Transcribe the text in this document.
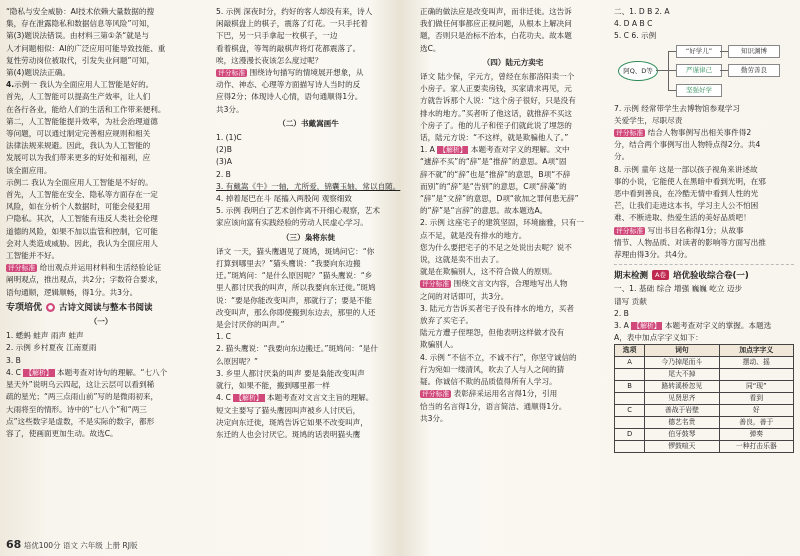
“隐私与安全威胁：AI技术依赖大量数据的搜
集，存在泄露隐私和数据信息等风险”可知，
第(3)题说法错误。由材料三第①条“就是与
人才问题相似：AI的广泛应用可能导致技能、重
复性劳动岗位被取代，引发失业问题”可知，
第(4)题说法正确。

4.示例一 我认为全面应用人工智能是好的。
首先，人工智能可以提高生产效率，让人们
在各行各业，能给人们的生活和工作带来便利。
第二，人工智能能提升效率，为社会治理道德
等问题，可以通过制定完善相应规则和相关
法律法规来规避。因此，我认为人工智能的
发展可以为我们带来更多的好处和福利，应
该全面应用。
示例二 我认为全面应用人工智能是不好的。
首先，人工智能在安全、隐私等方面存在一定
风险，如在分析个人数据时，可能会侵犯用
户隐私。其次，人工智能有违反人类社会伦理
道德的风险，如果不加以监管和控制，它可能
会对人类造成威胁。因此，我认为全面应用人
工智能并不好。

评分标准 给出观点并运用材料和生活经验论证
阐明观点，推出观点，共2分；字数符合要求，
语句通顺，逻辑顺畅，得1分。共3分。

专项培优 ● 古诗文阅读与整本书阅读
（一）

1. 蟋蚂 蛙声 雨声 蛙声

2. 示例 乡村夏夜 江南夏雨

3. B

4. C 【解析】 本题考查对诗句的理解。“七八个
星天外”说明乌云四起，这让云层可以看到稀
疏的星光；“两三点雨山前”写的是微雨初来，
大雨将至的情形。诗中的“七八个”和“两三
点”这些数字是虚数，不是实际的数字，都形
容了，使画面更加生动。故选C。

5. 示例 深夜时分，约好的客人却没有来，诗人
闲敲棋盘上的棋子，震落了灯花。一只手托着
下巴，另一只手拿起一枚棋子，一边
看着棋盘，等驾的敲棋声将灯花都震落了。
唉，这漫漫长夜该怎么度过呢？

评分标准 围绕诗句描写的情境展开想象，从
动作、神态、心理等方面描写诗人当时的反
应得2分；体现诗人心情，语句通顺得1分。
共3分。

（二）书戴嵩画牛
1. (1)C
(2)B
(3)A
2. B

3. 有戴嵩《牛》一轴，尤所爱，锦囊玉轴，常以自随。

4. 掉着尾巴在斗 尾搐入两股间 观察细致

5. 示例 我明白了艺术创作离不开细心观察，艺术
家应该向富有实践经验的劳动人民虚心学习。
（三）枭将东徙
译文 一天，猫头鹰遇见了斑鸠，斑鸠问它：“你
打算到哪里去？”猫头鹰说：“我要向东边搬
迁。”斑鸠问：“是什么原因呢？”猫头鹰说：“乡
里人都讨厌我的叫声，所以我要向东迁徙。”斑鸠
说：“要是你能改变叫声，那就行了；要是不能
改变叫声，那么你即使搬到东边去，那里的人还
是会讨厌你的叫声。”

1. C

2. 猫头鹰说：“我要向东边搬迁。”斑鸠问：“是什
么原因呢？”
3. 乡里人都讨厌枭的叫声 要是枭能改变叫声
就行，如果不能，搬到哪里都一样

4. C 【解析】 本题考查对文言文主旨的理解。
短文主要写了猫头鹰因叫声被乡人讨厌后，
决定向东迁徙，斑鸠告诉它如果不改变叫声，
东迁的人也会讨厌它。斑鸠的话表明猫头鹰

正确的做法应是改变叫声，而非迁徙。这告诉
我们做任何事都应正视问题，从根本上解决问
题，否则只是治标不治本，白花功夫。故本题
选C。
（四）陆元方卖宅
译文 陆少保，字元方，曾经在东都洛阳卖一个
小房子。家人正要卖房钱，买家请求再见，元
方就告诉那个人说：“这个房子很好，只是没有
排水的地方。”买者听了他这话，就推辞不买这
个房子了。他的儿子和侄子们就此说了埋怨的
话，陆元方说：“不这样，就是欺骗他人了。”

1. A 【解析】 本题考查对字义的理解。文中
“遽辞不买”的“辞”是“推辞”的意思。A项“固
辞不就”的“辞”也是“推辞”的意思，B项“不辞
而别”的“辞”是“告别”的意思，C项“辞藻”的
“辞”是“文辞”的意思，D项“欲加之罪何患无辞”
的“辞”是“言辞”的意思。故本题选A。

2. 示例 这座宅子的建筑坚固，环境幽雅，只有一
点不足，就是没有排水的地方。
您为什么要把宅子的不足之处说出去呢？说不
说，这就是卖不出去了。
就是在欺骗别人，这不符合做人的原则。

评分标准 围绕文言文内容，合理地写出人物
之间的对话即可，共3分。

3. 陆元方告诉买者宅子没有排水的地方，买者
放弃了买宅子。
陆元方遭子侄埋怨，但他表明这样做才没有
欺骗别人。
4. 示例 “不信不立，不诚不行”，你坚守诚信的
行为宛如一缕清风，吹去了人与人之间的猜
疑。你诚信不欺的品质值得所有人学习。

评分标准 表彰辞采运用名言得1分，引用
恰当的名言得1分，语言简洁、通顺得1分。
共3分。

二、1. D B 2. A

4. D A B C

5. C 6. 示例

阿Q、D等
“好学儿”	知识渊博
严谨律己	勤劳善良
坚强好学
7. 示例 经常带学生去博物馆参观学习
关爱学生，尽职尽责

评分标准 结合人物事例写出相关事件得2
分，结合两个事例写出人物特点得2分。共4
分。

8. 示例 童年 这是一部以孩子视角来讲述故
事的小说，它能使人在黑暗中看到光明，在邪
恶中看到善良，在冷酷无情中看到人性的光
芒，让我们走进这本书，学习主人公不怕困
难、不断进取、热爱生活的美好品质吧！

评分标准 写出书目名称得1分；从故事
情节、人物品质、对读者的影响等方面写出推
荐理由得3分。共4分。

期末检测	A卷 培优验收综合卷(一)
一、1. 基础 综合 增强 巍巍 屹立 迈步
谱写 贡献

2. B

3. A 【解析】 本题考查对字义的掌握。本题选
A，表中加点字字义如下：

选项	词句	加点字字义
A	今乃掉尾而斗	摆动、摇
	尾大不掉	
B	路转溪桥忽见	同“现”
	见贤思齐	看到
C	善战于岩壁	好
	德艺名贵	善良，善于
D	伯牙鼓琴	弹奏
	锣鼓喧天	一种打击乐器
68 培优100分 语文 六年级 上册 RJ版
